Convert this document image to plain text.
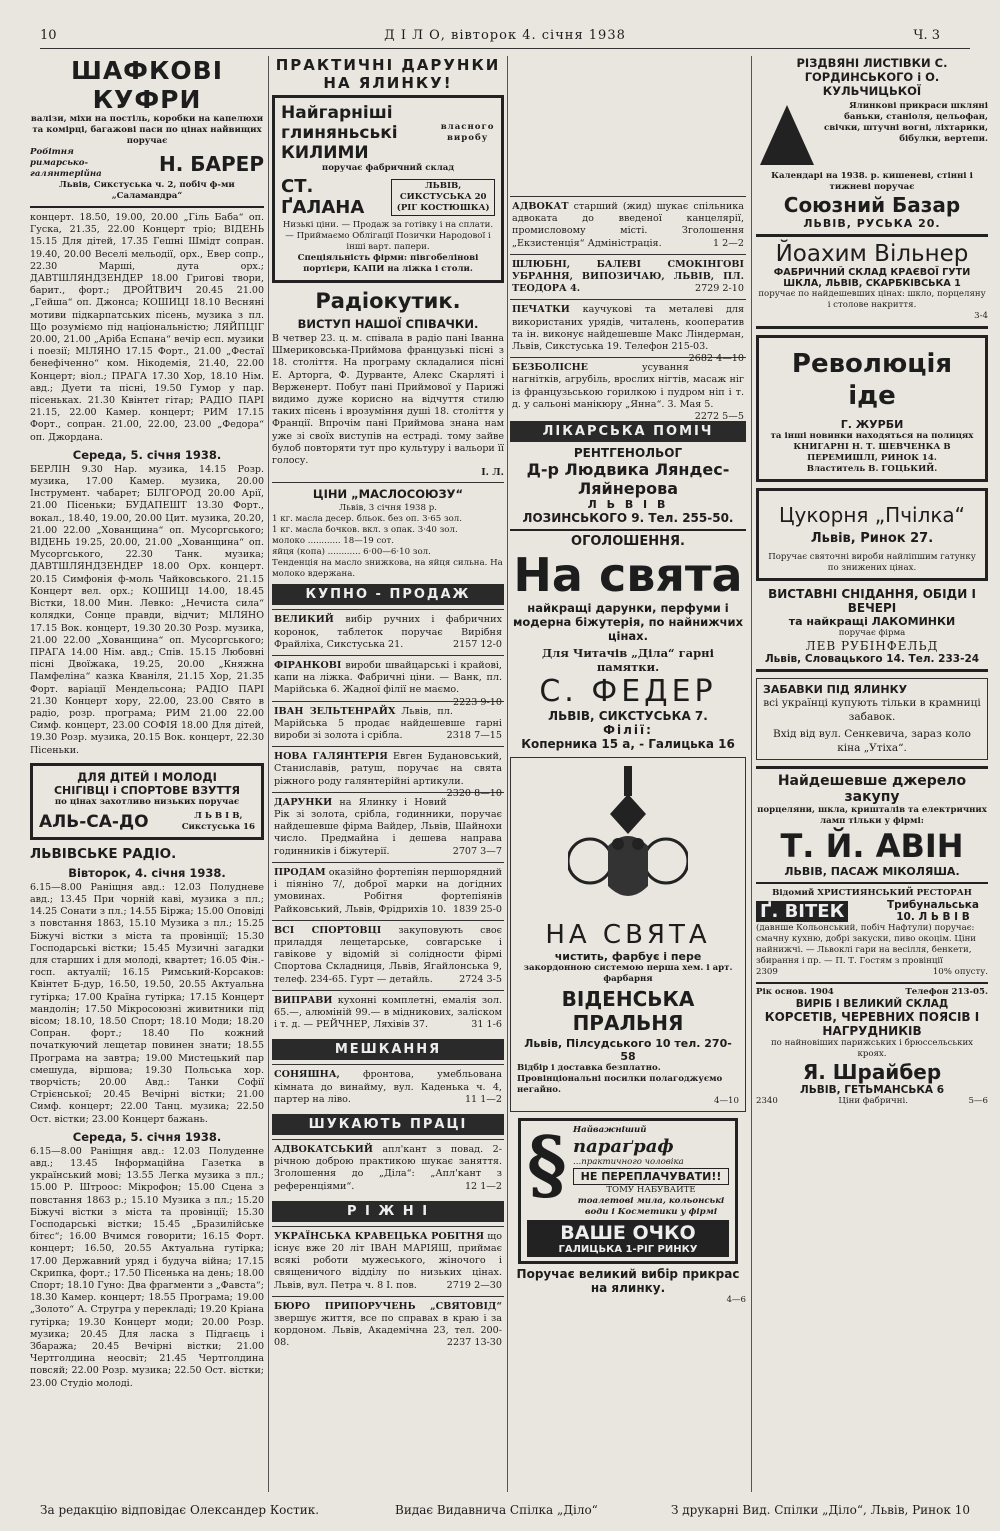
10	Д І Л О, вівторок 4. січня 1938	Ч. 3
ШАФКОВІ КУФРИ
валізи, міхи на постіль, коробки на капелюхи та комірці, багажові паси по цінах найвищих поручає
Робітня римарсько-галянтерійна	Н. БАРЕР
Львів, Сикстуська ч. 2, побіч ф-ми „Саламандра“
концерт. 18.50, 19.00, 20.00 „Гіль Баба“ оп. Гуска, 21.35, 22.00 Концерт тріо; ВІДЕНЬ 15.15 Для дітей, 17.35 Гешні Шмідт сопран. 19.40, 20.00 Веселі мельодії, орх., Евер сопр., 22.30 Марші, дута орх.; ДАВТШЛЯНДЗЕНДЕР 18.00 Григові твори, барит., форт.; ДРОЙТВИЧ 20.45 21.00 „Гейша“ оп. Джонса; КОШИЦІ 18.10 Весняні мотиви підкарпатських пісень, музика з пл. Що розуміємо під національністю; ЛЯЙПЦІГ 20.00, 21.00 „Аріба Еспана“ вечір есп. музики і поезії; МІЛЯНО 17.15 Форт., 21.00 „Фестаї бенефіченно“ ком. Нікодемія, 21.40, 22.00 Концерт; віол.; ПРАГА 17.30 Хор, 18.10 Нім. авд.; Дуети та пісні, 19.50 Гумор у пар. пісеньках. 21.30 Квінтет гітар; РАДІО ПАРІ 21.15, 22.00 Камер. концерт; РИМ 17.15 Форт., сопран. 21.00, 22.00, 23.00 „Федора“ оп. Джордана.
Середа, 5. січня 1938.
БЕРЛІН 9.30 Нар. музика, 14.15 Розр. музика, 17.00 Камер. музика, 20.00 Інструмент. чабарет; БІЛГОРОД 20.00 Арії, 21.00 Пісеньки; БУДАПЕШТ 13.30 Форт., вокал., 18.40, 19.00, 20.00 Цит. музика, 20.20, 21.00 22.00 „Хованщина“ оп. Мусоргського; ВІДЕНЬ 19.25, 20.00, 21.00 „Хованщина“ оп. Мусоргського, 22.30 Танк. музика; ДАВТШЛЯНДЗЕНДЕР 18.00 Орх. концерт. 20.15 Симфонія ф-моль Чайковського. 21.15 Концерт вел. орх.; КОШИЦІ 14.00, 18.45 Вістки, 18.00 Мин. Левко: „Нечиста сила“ колядки, Сонце правди, відчит; МІЛЯНО 17.15 Вок. концерт, 19.30 20.30 Розр. музика, 21.00 22.00 „Хованщина“ оп. Мусоргського; ПРАГА 14.00 Нім. авд.; Спів. 15.15 Любовні пісні Двоїжака, 19.25, 20.00 „Княжна Памфеліна“ казка Кваніля, 21.15 Хор, 21.35 Форт. варіації Мендельсона; РАДІО ПАРІ 21.30 Концерт хору, 22.00, 23.00 Свято в радіо, розр. програма; РИМ 21.00 22.00 Симф. концерт, 23.00 СОФІЯ 18.00 Для дітей, 19.30 Розр. музика, 20.15 Вок. концерт, 22.30 Пісеньки.
ДЛЯ ДІТЕЙ І МОЛОДІ
СНІГІВЦІ і СПОРТОВЕ ВЗУТТЯ
по цінах захотливо низьких поручає
АЛЬ-СА-ДО	Л Ь В І В,
Сикстуська 16
ЛЬВІВСЬКЕ РАДІО.
Вівторок, 4. січня 1938.
6.15—8.00 Раніщня авд.: 12.03 Полудневе авд.; 13.45 При чорній каві, музика з пл.; 14.25 Сонати з пл.; 14.55 Біржа; 15.00 Оповіді з повстання 1863, 15.10 Музика з пл.; 15.25 Біжучі вістки з міста та провінції; 15.30 Господарські вістки; 15.45 Музичні загадки для старших і для молоді, квартет; 16.05 Фін.-госп. актуалії; 16.15 Римський-Корсаков: Квінтет Б-дур, 16.50, 19.50, 20.55 Актуальна гутірка; 17.00 Країна гутірка; 17.15 Концерт мандолін; 17.50 Мікросоюзні живитники під вісом; 18.10, 18.50 Спорт; 18.10 Моди; 18.20 Сопран. форт.; 18.40 По кожний початкуючий лещетар повинен знати; 18.55 Програма на завтра; 19.00 Мистецький пар смешуда, віршова; 19.30 Польська хор. творчість; 20.00 Авд.: Танки Софії Стрієнської; 20.45 Вечірні вістки; 21.00 Симф. концерт; 22.00 Танц. музика; 22.50 Ост. вістки; 23.00 Концерт бажань.
Середа, 5. січня 1938.
6.15—8.00 Раніщня авд.: 12.03 Полуденне авд.; 13.45 Інформаційна Газетка в український мові; 13.55 Легка музика з пл.; 15.00 Р. Штроос: Мікрофон; 15.00 Сцена з повстання 1863 р.; 15.10 Музика з пл.; 15.20 Біжучі вістки з міста та провінції; 15.30 Господарські вістки; 15.45 „Бразилійське бітєс“; 16.00 Вчимся говорити; 16.15 Форт. концерт; 16.50, 20.55 Актуальна гутірка; 17.00 Державний уряд і будуча війна; 17.15 Скрипка, форт.; 17.50 Пісенька на день; 18.00 Спорт; 18.10 Гуно: Два фрагменти з „Фавста“; 18.30 Камер. концерт; 18.55 Програма; 19.00 „Золото“ А. Стругра у перекладі; 19.20 Кріана гутірка; 19.30 Концерт моди; 20.00 Розр. музика; 20.45 Для ласка з Підгаєць і Збаража; 20.45 Вечірні вістки; 21.00 Чертголдина неосвіт; 21.45 Чертголдина повсяй; 22.00 Розр. музика; 22.50 Ост. вістки; 23.00 Студіо молоді.
ПРАКТИЧНІ ДАРУНКИ НА ЯЛИНКУ!
Найгарніші глиняньські КИЛИМИ
власного виробу
поручає фабричний склад
СТ. ҐАЛАНА
ЛЬВІВ, СИКСТУСЬКА 20 (РІГ КОСТЮШКА)
Низькі ціни. — Продаж за готівку і на сплати. — Приймаємо Облігації Позички Народової і інші варт. папери.
Спеціяльність фірми: півгобелінові портієри, КАПИ на ліжка і столи.
Радіокутик.
ВИСТУП НАШОЇ СПІВАЧКИ.
В четвер 23. ц. м. співала в радіо пані Іванна Шмериковська-Приймова французькі пісні з 18. століття. На програму складалися пісні Е. Арторга, Ф. Дурванте, Алекс Скарляті і Верженерт. Побут пані Приймової у Парижі видимо дуже корисно на відчуття стилю таких пісень і врозуміння душі 18. століття у Франції. Впрочім пані Приймова знана нам уже зі своїх виступів на естраді. тому зайве булоб повторяти тут про культуру і вальори її голосу.
І. Л.
ЦІНИ „МАСЛОСОЮЗУ“
Львів, 3 січня 1938 р.
1 кг. масла десер. бльок. без оп. 3·65 зол.
1 кг. масла бочков. вкл. з опак. 3·40 зол.
молоко ............ 18—19 сот.
яйця (копа) ............ 6·00—6·10 зол.
Тенденція на масло знижкова, на яйця сильна. На молоко вдержана.
КУПНО - ПРОДАЖ
ВЕЛИКИЙ вибір ручних і фабричних коронок, таблеток поручає Вирібня Фрайліха, Сикстуська 21.	2157 12-0
ФІРАНКОВІ вироби швайцарські і крайові, капи на ліжка. Фабричні ціни. — Ванк, пл. Марійська 6. Жадної філії не маємо.
2223 9-10
ІВАН ЗЕЛЬТЕНРАЙХ Львів, пл. Марійська 5 продає найдешевше гарні вироби зі золота і срібла.	2318 7—15
НОВА ГАЛЯНТЕРІЯ Евген Будановський, Станиславів, ратуш, поручає на свята ріжного роду галянтерійні артикули.
2320 8—10
ДАРУНКИ на Ялинку і Новий Рік зі золота, срібла, годинники, поручає найдешевше фірма Вайдер, Львів, Шайнохи число. Предмайна і дешева направа годинників і біжутерії.	2707 3—7
ПРОДАМ оказійно фортепіян першорядний і піяніно 7/, доброї марки на догідних умовинах. Робітня фортепіянів Райковський, Львів, Фрідрихів 10. 1839 25-0
ВСІ СПОРТОВЦІ закуповують своє приладдя лещетарське, совгарське і гавікове у відомій зі солідности фірмі Спортова Складниця, Львів, Ягайлонська 9, телеф. 234-65. Гурт — детайль.	2724 3-5
ВИПРАВИ кухонні комплетні, емалія зол. 65.—, алюміній 99.— в мідникових, заліском і т. д. — РЕЙЧНЕР, Ляхівів 37.	31 1-6
МЕШКАННЯ
СОНЯШНА, фронтова, умебльована кімната до винайму, вул. Каденька ч. 4, партер на ліво.	11 1—2
ШУКАЮТЬ ПРАЦІ
АДВОКАТСЬКИЙ апл'кант з повад. 2-річною доброю практикою шукає заняття. Зголошення до „Діла“: „Апл'кант з референціями“.	12 1—2
Р І Ж Н І
УКРАЇНСЬКА КРАВЕЦЬКА РОБІТНЯ що існує вже 20 літ ІВАН МАРІЯШ, приймає всякі роботи мужеського, жіночого і священичого відділу по низьких цінах. Львів, вул. Петра ч. 8 І. пов.	2719 2—30
БЮРО ПРИПОРУЧЕНЬ „СВЯТОВІД“ звершує життя, все по справах в краю і за кордоном. Львів, Академічна 23, тел. 200-08.	2237 13-30
АДВОКАТ старший (жид) шукає спільника адвоката до введеної канцелярії, промисловому місті. Зголошення „Екзистенція“ Адміністрація.	1 2—2
ШЛЮБНІ, БАЛЕВІ СМОКІНГОВІ УБРАННЯ, ВИПОЗИЧАЮ, ЛЬВІВ, ПЛ. ТЕОДОРА 4.	2729 2-10
ПЕЧАТКИ каучукові та металеві для використаних урядів, читалень, кооператив та ін. виконує найдешевше Макс Ліндерман, Львів, Сикстуська 19. Телефон 215-03.
2682 4—10
БЕЗБОЛІСНЕ	усування нагнітків, агрубіль, врослих нігтів, масаж ніг із французьською горилкою і пудром ніп і т. д. у сальоні манікюру „Янна“. 3. Мая 5.
2272 5—5
ЛІКАРСЬКА ПОМІЧ
РЕНТГЕНОЛЬОГ
Д-р Людвика Ляндес-Ляйнерова
Л Ь В І В
ЛОЗИНСЬКОГО 9. Тел. 255-50.
ОГОЛОШЕННЯ.
На свята
найкращі дарунки, перфуми і модерна біжутерія, по найнижчих цінах.
Для Читачів „Діла“ гарні памятки.
С. ФЕДЕР
ЛЬВІВ, СИКСТУСЬКА 7.
Філії:
Коперника 15 а, - Галицька 16
НА СВЯТА
чистить, фарбує і пере
закордонною системою перша хем. і арт. фарбарня
ВІДЕНСЬКА ПРАЛЬНЯ
Львів, Пілсудського 10 тел. 270-58
Відбір і доставка безплатно. Провінціональні посилки полагоджуємо негайно.
4—10
§ Найважніший
параґраф
...практичного чоловіка
НЕ ПЕРЕПЛАЧУВАТИ!!
ТОМУ НАБУВАЙТЕ
тоалетові мила, кольонські води і Косметики у фірмі
ВАШЕ ОЧКО
ГАЛИЦЬКА 1-РІГ РИНКУ
Поручає великий вибір прикрас на ялинку.
4—6
РІЗДВЯНІ ЛИСТІВКИ С. ГОРДИНСЬКОГО і О. КУЛЬЧИЦЬКОЇ
Ялинкові прикраси шкляні баньки, станіоля, цельофан, свічки, штучні вогні, ліхтарики, бібулки, вертепи.
Календарі на 1938. р. кишеневі, стінні і тижневі поручає
Союзний Базар
ЛЬВІВ, РУСЬКА 20.
Йоахим Вільнер
ФАБРИЧНИЙ СКЛАД КРАЄВОЇ ГУТИ ШКЛА, ЛЬВІВ, СКАРБКІВСЬКА 1
поручає по найдешевших цінах: шкло, порцеляну і столове накриття.
3-4
Революція іде
Г. ЖУРБИ
та інші новинки находяться на полицях КНИГАРНІ Н. Т. ШЕВЧЕНКА В ПЕРЕМИШЛІ, РИНОК 14.
Властитель В. ГОЦЬКИЙ.
Цукорня „Пчілка“
Львів, Ринок 27.
Поручає святочні вироби найліпшим гатунку по знижених цінах.
ВИСТАВНІ СНІДАННЯ, ОБІДИ І ВЕЧЕРІ
та найкращі ЛАКОМИНКИ
поручає фірма
ЛЕВ РУБІНФЕЛЬД
Львів, Словацького 14. Тел. 233-24
ЗАБАВКИ ПІД ЯЛИНКУ
всі українці купують тільки в крамниці забавок.
Вхід від вул. Сенкевича, зараз коло кіна „Утіха“.
Найдешевше джерело закупу
порцеляни, шкла, кришталів та електричних ламп тільки у фірмі:
Т. Й. АВІН
ЛЬВІВ, ПАСАЖ МІКОЛЯША.
Відомий ХРИСТИЯНСЬКИЙ РЕСТОРАН
Ґ. ВІТЕК	Трибунальська 10. Л Ь В І В
(давнше Кольонський, побіч Нафтули) поручає: смачну кухню, добрі закуски, пиво окоцім. Ціни найнижчі. — Львоклі гари на весілля, бенкети, збирання і пр. — П. Т. Гостям з провінції
2309	10% опусту.
Рік основ. 1904	Телефон 213-05.
ВИРІБ І ВЕЛИКИЙ СКЛАД
КОРСЕТІВ, ЧЕРЕВНИХ ПОЯСІВ І НАГРУДНИКІВ
по найновіших парижських і брюссельських кроях.
Я. Шрайбер
ЛЬВІВ, ГЕТЬМАНСЬКА 6
2340	Ціни фабричні.	5—6
За редакцію відповідає Олександер Костик.	Видає Видавнича Спілка „Діло“	З друкарні Вид. Спілки „Діло“, Львів, Ринок 10
